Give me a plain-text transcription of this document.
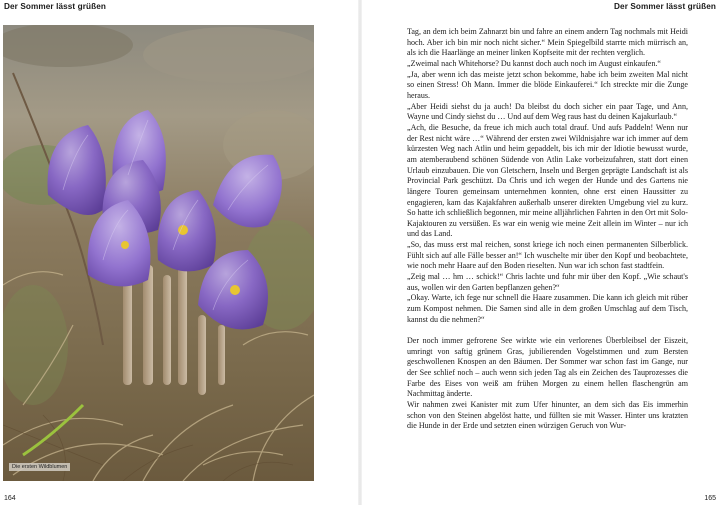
Der Sommer lässt grüßen	Der Sommer lässt grüßen
Die ersten Wildblumen

Tag, an dem ich beim Zahnarzt bin und fahre an einem andern Tag nochmals mit Heidi hoch. Aber ich bin mir noch nicht sicher.“ Mein Spiegelbild starrte mich mürrisch an, als ich die Haarlänge an meiner linken Kopfseite mit der rechten verglich.

„Zweimal nach Whitehorse? Du kannst doch auch noch im August einkaufen.“

„Ja, aber wenn ich das meiste jetzt schon bekomme, habe ich beim zweiten Mal nicht so einen Stress! Oh Mann. Immer die blöde Einkauferei.“ Ich streckte mir die Zunge heraus.

„Aber Heidi siehst du ja auch! Da bleibst du doch sicher ein paar Tage, und Ann, Wayne und Cindy siehst du … Und auf dem Weg raus hast du deinen Kajakurlaub.“

„Ach, die Besuche, da freue ich mich auch total drauf. Und aufs Paddeln! Wenn nur der Rest nicht wäre …“ Während der ersten zwei Wildnisjahre war ich immer auf dem kürzesten Weg nach Atlin und heim gepaddelt, bis ich mir der Idiotie bewusst wurde, am atemberaubend schönen Südende von Atlin Lake vorbeizufahren, statt dort einen Urlaub einzubauen. Die von Gletschern, Inseln und Bergen geprägte Landschaft ist als Provincial Park geschützt. Da Chris und ich wegen der Hunde und des Gartens nie längere Touren gemeinsam unternehmen konnten, ohne erst einen Haussitter zu engagieren, kam das Kajakfahren außerhalb unserer direkten Umgebung viel zu kurz. So hatte ich schließlich begonnen, mir meine alljährlichen Fahrten in den Ort mit Solo-Kajaktouren zu versüßen. Es war ein wenig wie meine Zeit allein im Winter – nur ich und das Land.

„So, das muss erst mal reichen, sonst kriege ich noch einen permanenten Silberblick. Fühlt sich auf alle Fälle besser an!“ Ich wuschelte mir über den Kopf und beobachtete, wie noch mehr Haare auf den Boden rieselten. Nun war ich schon fast stadtfein.

„Zeig mal … hm … schick!“ Chris lachte und fuhr mir über den Kopf. „Wie schaut's aus, wollen wir den Garten bepflanzen gehen?“

„Okay. Warte, ich fege nur schnell die Haare zusammen. Die kann ich gleich mit rüber zum Kompost nehmen. Die Samen sind alle in dem großen Umschlag auf dem Tisch, kannst du die nehmen?“

Der noch immer gefrorene See wirkte wie ein verlorenes Überbleibsel der Eiszeit, umringt von saftig grünem Gras, jubilierenden Vogelstimmen und zum Bersten geschwollenen Knospen an den Bäumen. Der Sommer war schon fast im Gange, nur der See schlief noch – auch wenn sich jeden Tag als ein Zeichen des Tauprozesses die Farbe des Eises von weiß am frühen Morgen zu einem hellen flaschengrün am Nachmittag änderte.

Wir nahmen zwei Kanister mit zum Ufer hinunter, an dem sich das Eis immerhin schon von den Steinen abgelöst hatte, und füllten sie mit Wasser. Hinter uns kratzten die Hunde in der Erde und setzten einen würzigen Geruch von Wur-

164	165
